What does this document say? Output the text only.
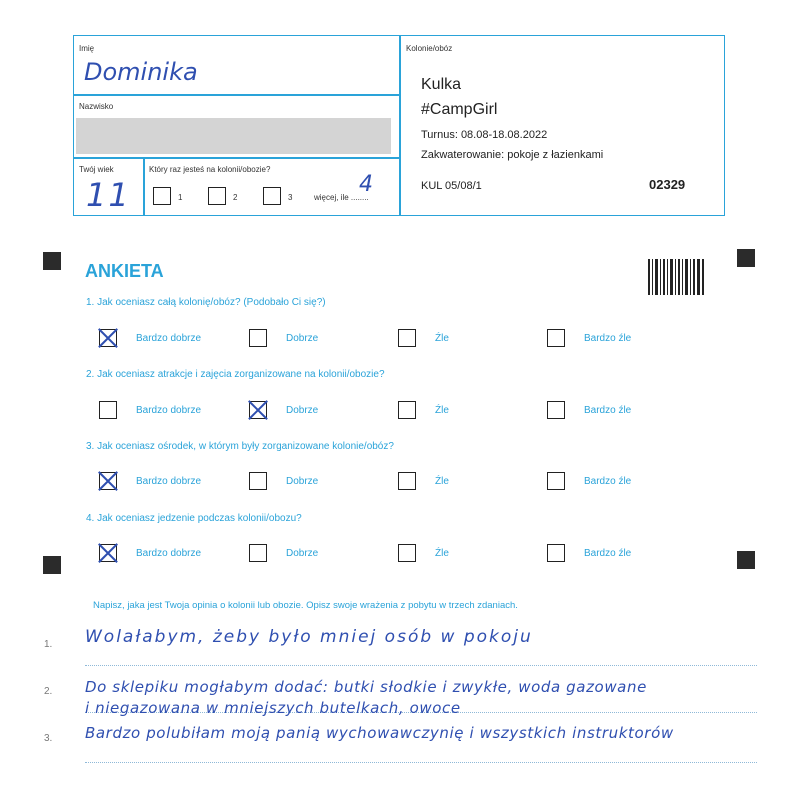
Imię
Dominika
Nazwisko
Twój wiek
11
Który raz jesteś na kolonii/obozie?
1	2	3	więcej, ile ........
4
Kolonie/obóz
Kulka
#CampGirl
Turnus: 08.08-18.08.2022
Zakwaterowanie: pokoje z łazienkami
KUL 05/08/1	02329
ANKIETA
1. Jak oceniasz całą kolonię/obóz? (Podobało Ci się?)
Bardzo dobrze	Dobrze	Źle	Bardzo źle
2. Jak oceniasz atrakcje i zajęcia zorganizowane na kolonii/obozie?
Bardzo dobrze	Dobrze	Źle	Bardzo źle
3. Jak oceniasz ośrodek, w którym były zorganizowane kolonie/obóz?
Bardzo dobrze	Dobrze	Źle	Bardzo źle
4. Jak oceniasz jedzenie podczas kolonii/obozu?
Bardzo dobrze	Dobrze	Źle	Bardzo źle
Napisz, jaka jest Twoja opinia o kolonii lub obozie. Opisz swoje wrażenia z pobytu w trzech zdaniach.
1.
2.
3.
Wolałabym, żeby było mniej osób w pokoju
Do sklepiku mogłabym dodać: butki słodkie i zwykłe, woda gazowane
i niegazowana w mniejszych butelkach, owoce
Bardzo polubiłam moją panią wychowawczynię i wszystkich instruktorów
